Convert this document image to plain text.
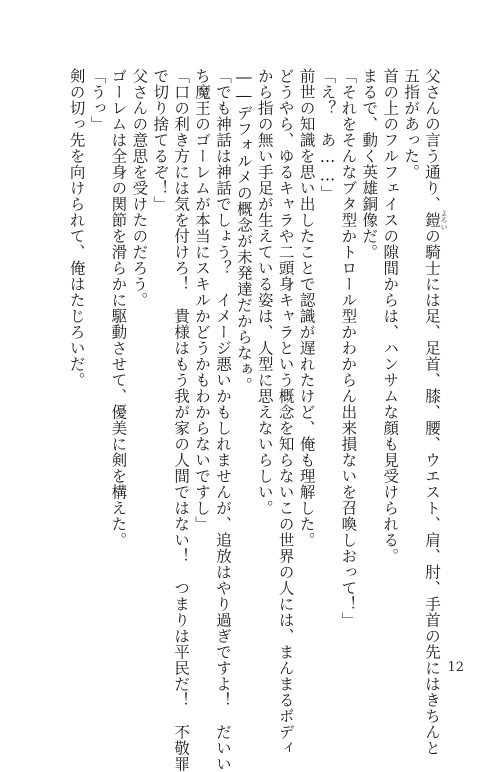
父さんの言う通り、鎧 よろいの騎士には足、足首、膝、腰、ウエスト、肩、肘、手首の先にはきちんと
五指があった。
首の上のフルフェイスの隙間からは、ハンサムな顔も見受けられる。
まるで、動く英雄銅像だ。
「それをそんなブタ型かトロール型かわからん出来損ないを召喚しおって！」
「え？　あ……」
前世の知識を思い出したことで認識が遅れたけど、俺も理解した。
どうやら、ゆるキャラや二頭身キャラという概念を知らないこの世界の人には、まんまるボディ
から指の無い手足が生えている姿は、人型に思えないらしい。
――デフォルメの概念が未発達だからなぁ。
「でも神話は神話でしょう？　イメージ悪いかもしれませんが、追放はやり過ぎですよ！　だいい
ち魔王のゴーレムが本当にスキルかどうかもわからないですし」
「口の利き方には気を付けろ！　貴様はもう我が家の人間ではない！　つまりは平民だ！　不敬罪
で切り捨てるぞ！」
父さんの意思を受けたのだろう。
ゴーレムは全身の関節を滑らかに駆動させて、優美に剣を構えた。
「うっ」
剣の切っ先を向けられて、俺はたじろいだ。
12
